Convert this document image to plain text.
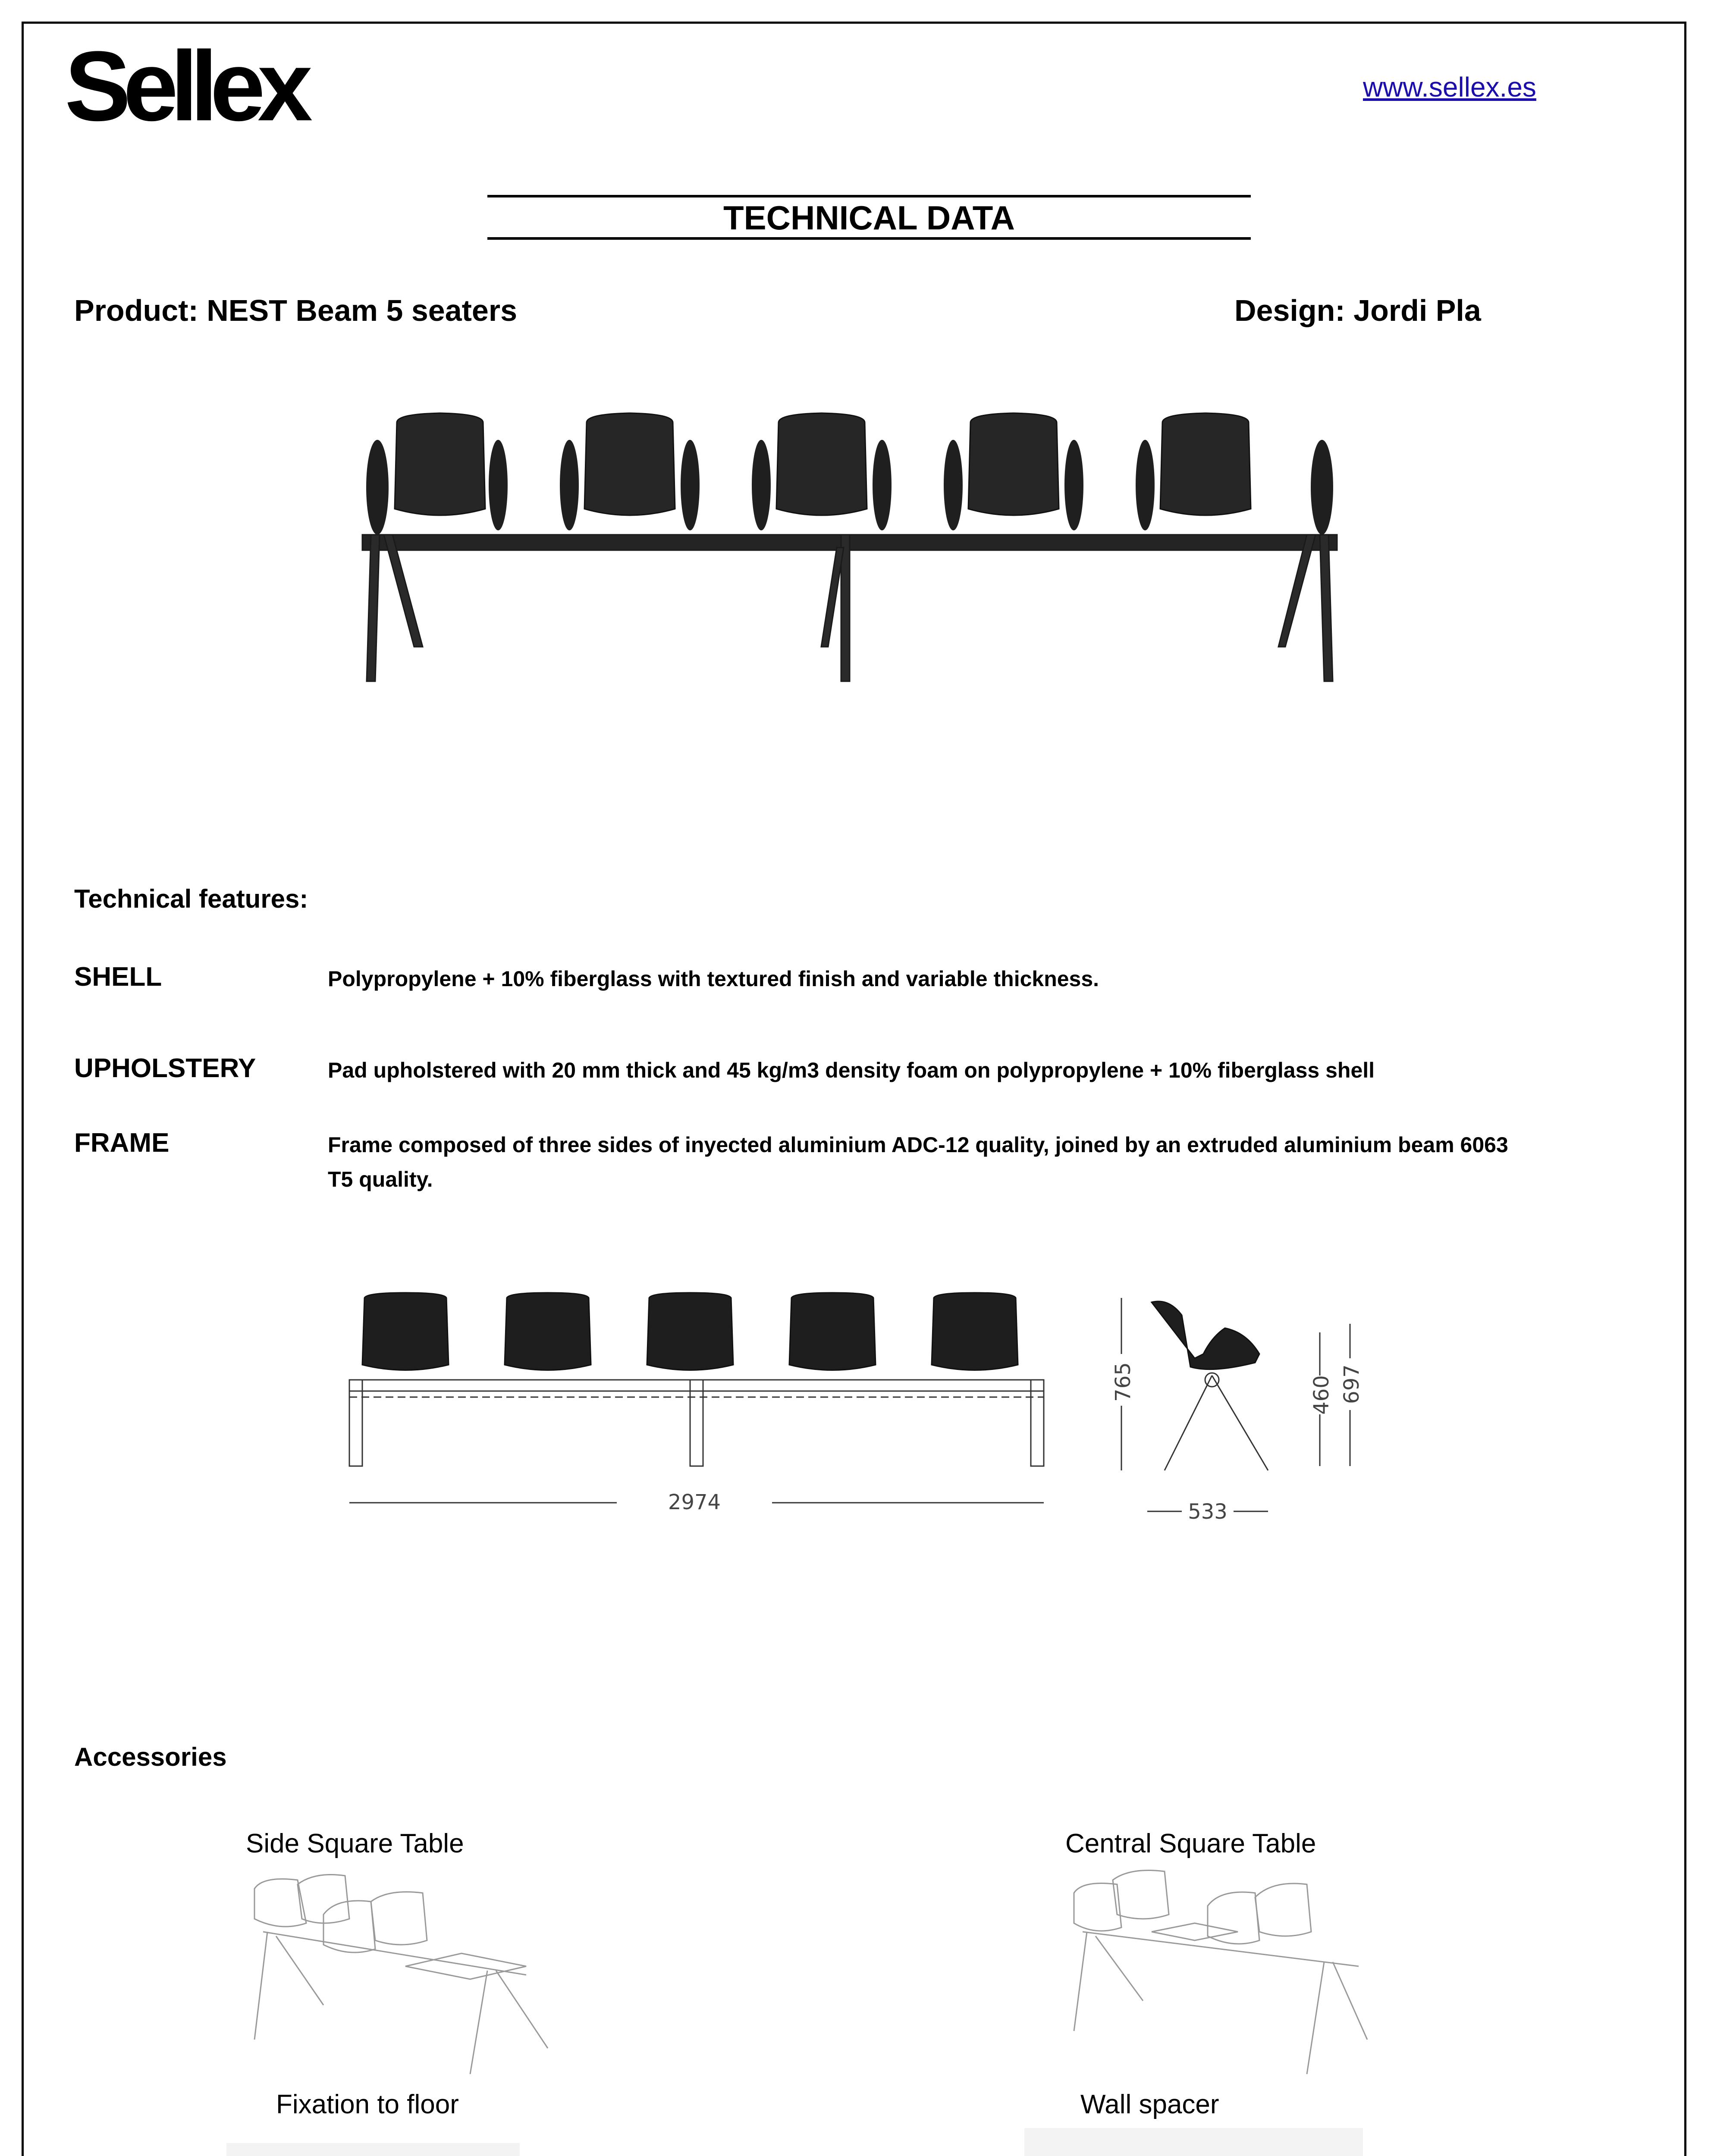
Sellex	www.sellex.es
TECHNICAL DATA
Product: NEST Beam 5 seaters	Design: Jordi Pla
Technical features:
SHELL	Polypropylene + 10% fiberglass with textured finish and variable thickness.
UPHOLSTERY	Pad upholstered with 20 mm thick and 45 kg/m3 density foam on polypropylene + 10% fiberglass shell
FRAME	Frame composed of three sides of inyected aluminium ADC-12 quality, joined by an extruded aluminium beam 6063 T5 quality.
2974
765	460 697
533
Accessories
Side Square Table	Central Square Table
Fixation to floor	Wall spacer
